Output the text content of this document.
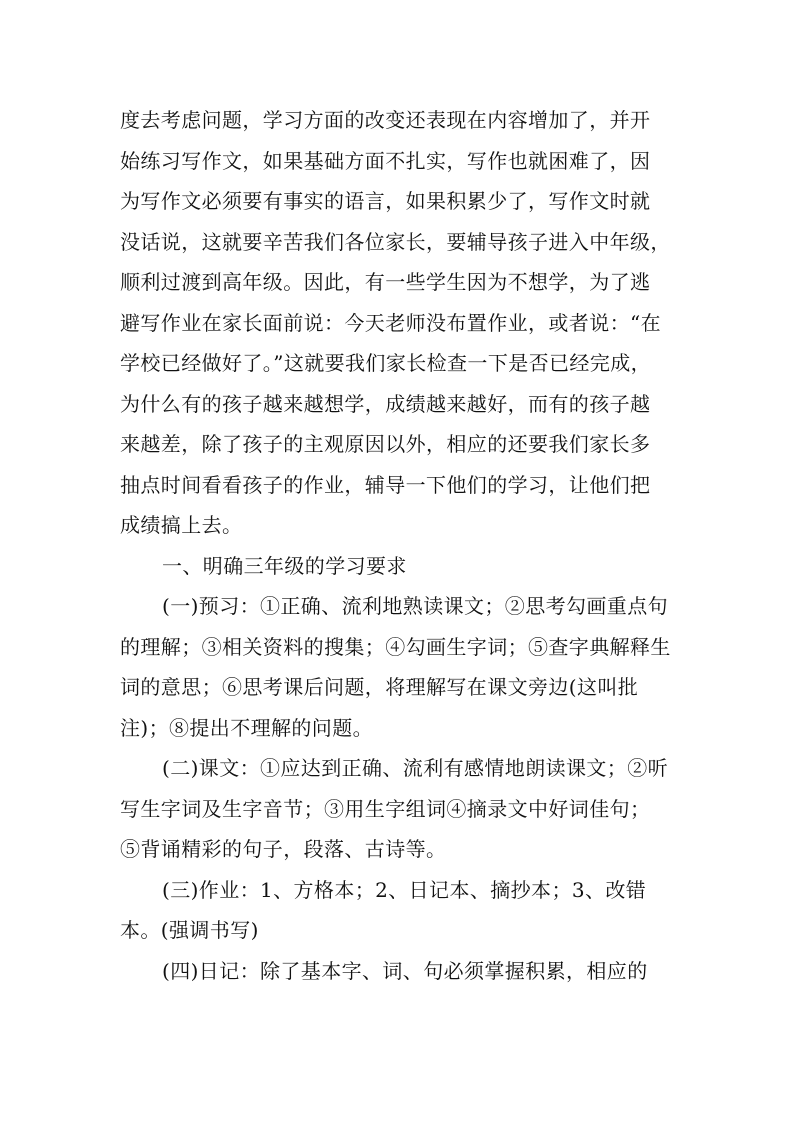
度去考虑问题，学习方面的改变还表现在内容增加了，并开
始练习写作文，如果基础方面不扎实，写作也就困难了，因
为写作文必须要有事实的语言，如果积累少了，写作文时就
没话说，这就要辛苦我们各位家长，要辅导孩子进入中年级，
顺利过渡到高年级。因此，有一些学生因为不想学，为了逃
避写作业在家长面前说：今天老师没布置作业，或者说：“在
学校已经做好了。”这就要我们家长检查一下是否已经完成，
为什么有的孩子越来越想学，成绩越来越好，而有的孩子越
来越差，除了孩子的主观原因以外，相应的还要我们家长多
抽点时间看看孩子的作业，辅导一下他们的学习，让他们把
成绩搞上去。
一、明确三年级的学习要求
(一)预习：①正确、流利地熟读课文；②思考勾画重点句
的理解；③相关资料的搜集；④勾画生字词；⑤查字典解释生
词的意思；⑥思考课后问题，将理解写在课文旁边(这叫批
注)；⑧提出不理解的问题。
(二)课文：①应达到正确、流利有感情地朗读课文；②听
写生字词及生字音节；③用生字组词④摘录文中好词佳句；
⑤背诵精彩的句子，段落、古诗等。
(三)作业：1、方格本；2、日记本、摘抄本；3、改错
本。(强调书写)
(四)日记：除了基本字、词、句必须掌握积累，相应的
